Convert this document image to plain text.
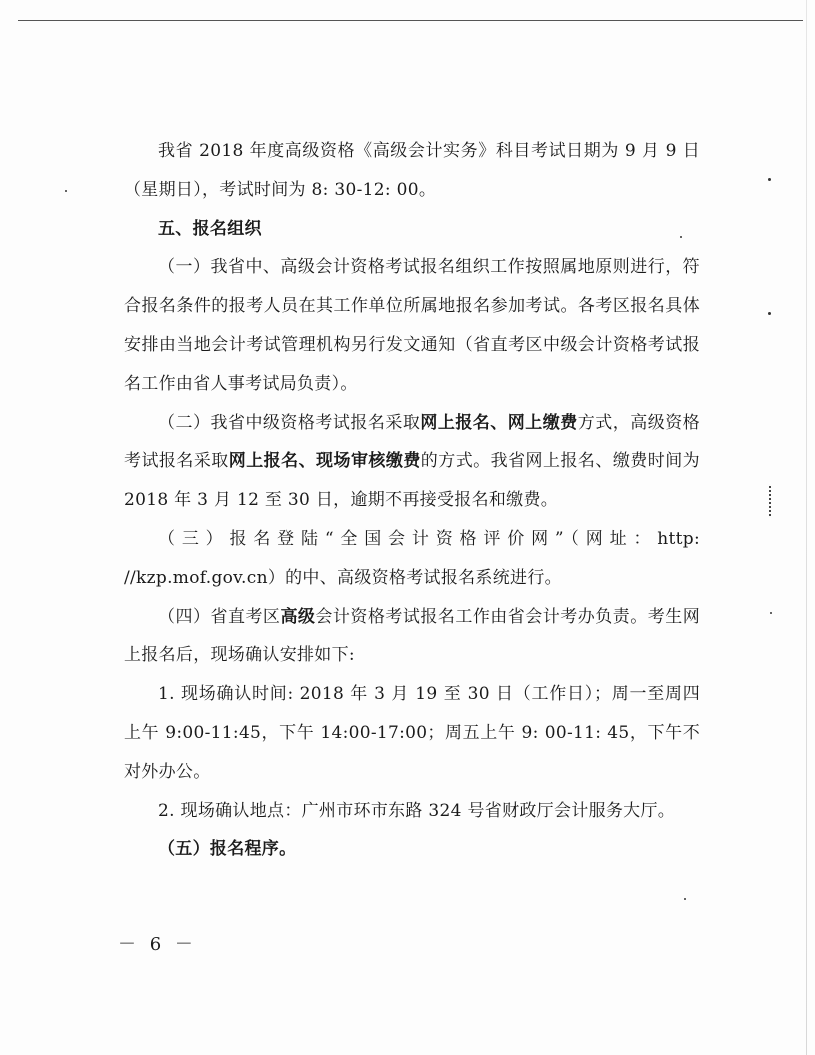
我省 2018 年度高级资格《高级会计实务》科目考试日期为 9 月 9 日（星期日），考试时间为 8: 30-12: 00。

五、报名组织

（一）我省中、高级会计资格考试报名组织工作按照属地原则进行，符合报名条件的报考人员在其工作单位所属地报名参加考试。各考区报名具体安排由当地会计考试管理机构另行发文通知（省直考区中级会计资格考试报名工作由省人事考试局负责）。

（二）我省中级资格考试报名采取网上报名、网上缴费方式，高级资格考试报名采取网上报名、现场审核缴费的方式。我省网上报名、缴费时间为 2018 年 3 月 12 至 30 日，逾期不再接受报名和缴费。

（三）报名登陆“全国会计资格评价网”（网址：http: //kzp.mof.gov.cn）的中、高级资格考试报名系统进行。

（四）省直考区高级会计资格考试报名工作由省会计考办负责。考生网上报名后，现场确认安排如下:

1. 现场确认时间: 2018 年 3 月 19 至 30 日（工作日）；周一至周四上午 9:00-11:45，下午 14:00-17:00；周五上午 9: 00-11: 45，下午不对外办公。

2. 现场确认地点：广州市环市东路 324 号省财政厅会计服务大厅。

（五）报名程序。

－ 6 －
